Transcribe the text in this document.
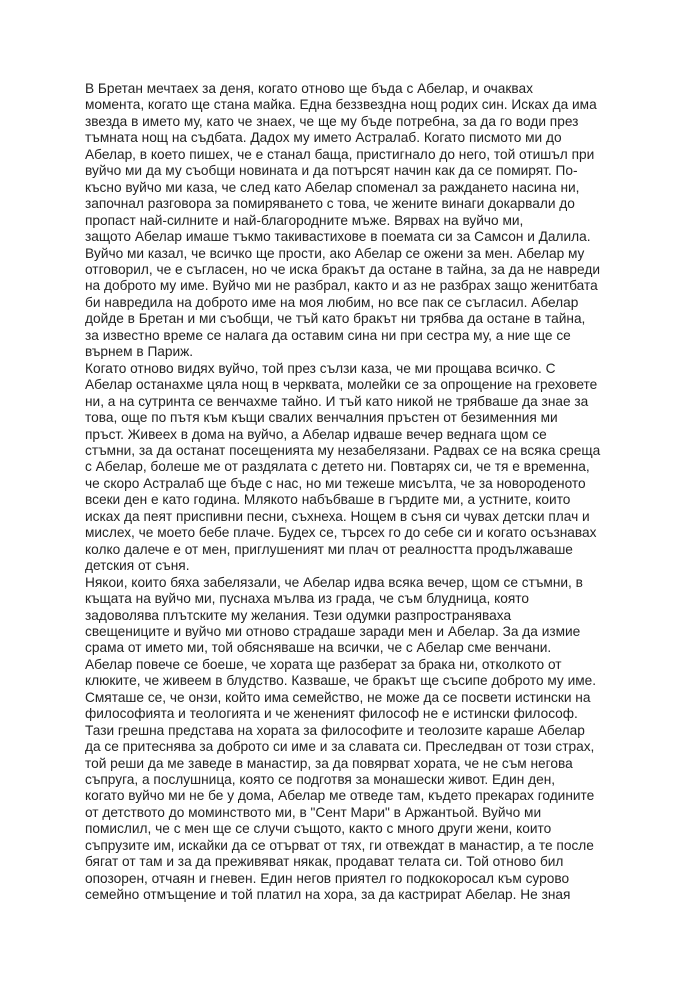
В Бретан мечтаех за деня, когато отново ще бъда с Абелар, и очаквах
момента, когато ще стана майка. Една беззвездна нощ родих син. Исках да има
звезда в името му, като че знаех, че ще му бъде потребна, за да го води през
тъмната нощ на съдбата. Дадох му името Астралаб. Когато писмото ми до
Абелар, в което пишех, че е станал баща, пристигнало до него, той отишъл при
вуйчо ми да му съобщи новината и да потърсят начин как да се помирят. По-
късно вуйчо ми каза, че след като Абелар споменал за раждането насина ни,
започнал разговора за помиряването с това, че жените винаги докарвали до
пропаст най-силните и най-благородните мъже. Вярвах на вуйчо ми,
защото Абелар имаше тъкмо такивастихове в поемата си за Самсон и Далила.
Вуйчо ми казал, че всичко ще прости, ако Абелар се ожени за мен. Абелар му
отговорил, че е съгласен, но че иска бракът да остане в тайна, за да не навреди
на доброто му име. Вуйчо ми не разбрал, както и аз не разбрах защо женитбата
би навредила на доброто име на моя любим, но все пак се съгласил. Абелар
дойде в Бретан и ми съобщи, че тъй като бракът ни трябва да остане в тайна,
за известно време се налага да оставим сина ни при сестра му, а ние ще се
върнем в Париж.
Когато отново видях вуйчо, той през сълзи каза, че ми прощава всичко. С
Абелар останахме цяла нощ в черквата, молейки се за опрощение на греховете
ни, а на сутринта се венчахме тайно. И тъй като никой не трябваше да знае за
това, още по пътя към къщи свалих венчалния пръстен от безименния ми
пръст. Живеех в дома на вуйчо, а Абелар идваше вечер веднага щом се
стъмни, за да останат посещенията му незабелязани. Радвах се на всяка среща
с Абелар, болеше ме от раздялата с детето ни. Повтарях си, че тя е временна,
че скоро Астралаб ще бъде с нас, но ми тежеше мисълта, че за новороденото
всеки ден е като година. Млякото набъбваше в гърдите ми, а устните, които
исках да пеят приспивни песни, съхнеха. Нощем в съня си чувах детски плач и
мислех, че моето бебе плаче. Будех се, търсех го до себе си и когато осъзнавах
колко далече е от мен, приглушеният ми плач от реалността продължаваше
детския от съня.
Някои, които бяха забелязали, че Абелар идва всяка вечер, щом се стъмни, в
къщата на вуйчо ми, пуснаха мълва из града, че съм блудница, която
задоволява плътските му желания. Тези одумки разпространяваха
свещениците и вуйчо ми отново страдаше заради мен и Абелар. За да измие
срама от името ми, той обясняваше на всички, че с Абелар сме венчани.
Абелар повече се боеше, че хората ще разберат за брака ни, отколкото от
клюките, че живеем в блудство. Казваше, че бракът ще съсипе доброто му име.
Смяташе се, че онзи, който има семейство, не може да се посвети истински на
философията и теологията и че жененият философ не е истински философ.
Тази грешна представа на хората за философите и теолозите караше Абелар
да се притеснява за доброто си име и за славата си. Преследван от този страх,
той реши да ме заведе в манастир, за да повярват хората, че не съм негова
съпруга, а послушница, която се подготвя за монашески живот. Един ден,
когато вуйчо ми не бе у дома, Абелар ме отведе там, където прекарах годините
от детството до моминството ми, в "Сент Мари" в Аржантьой. Вуйчо ми
помислил, че с мен ще се случи същото, както с много други жени, които
съпрузите им, искайки да се отърват от тях, ги отвеждат в манастир, а те после
бягат от там и за да преживяват някак, продават телата си. Той отново бил
опозорен, отчаян и гневен. Един негов приятел го подкокоросал към сурово
семейно отмъщение и той платил на хора, за да кастрират Абелар. Не зная
